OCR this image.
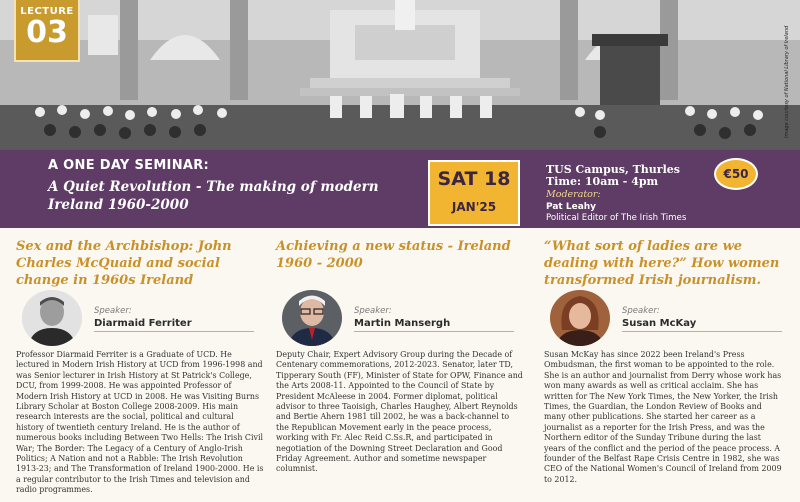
Image courtesy of National Library of Ireland
LECTURE
03
A ONE DAY SEMINAR:
A Quiet Revolution - The making of modern Ireland 1960-2000
SAT 18
JAN'25
TUS Campus, Thurles
Time: 10am - 4pm
Moderator:
Pat Leahy
Political Editor of The Irish Times
€50
Sex and the Archbishop: John Charles McQuaid and social change in 1960s Ireland
Speaker:
Diarmaid Ferriter
Professor Diarmaid Ferriter is a Graduate of UCD. He lectured in Modern Irish History at UCD from 1996-1998 and was Senior lecturer in Irish History at St Patrick's College, DCU, from 1999-2008. He was appointed Professor of Modern Irish History at UCD in 2008. He was Visiting Burns Library Scholar at Boston College 2008-2009. His main research interests are the social, political and cultural history of twentieth century Ireland. He is the author of numerous books including Between Two Hells: The Irish Civil War; The Border: The Legacy of a Century of Anglo-Irish Politics; A Nation and not a Rabble: The Irish Revolution 1913-23; and The Transformation of Ireland 1900-2000. He is a regular contributor to the Irish Times and television and radio programmes.
Achieving a new status - Ireland 1960 - 2000
Speaker:
Martin Mansergh
Deputy Chair, Expert Advisory Group during the Decade of Centenary commemorations, 2012-2023. Senator, later TD, Tipperary South (FF), Minister of State for OPW, Finance and the Arts 2008-11. Appointed to the Council of State by President McAleese in 2004. Former diplomat, political advisor to three Taoisigh, Charles Haughey, Albert Reynolds and Bertie Ahern 1981 till 2002, he was a back-channel to the Republican Movement early in the peace process, working with Fr. Alec Reid C.Ss.R, and participated in negotiation of the Downing Street Declaration and Good Friday Agreement. Author and sometime newspaper columnist.
“What sort of ladies are we dealing with here?” How women transformed Irish journalism.
Speaker:
Susan McKay
Susan McKay has since 2022 been Ireland's Press Ombudsman, the first woman to be appointed to the role. She is an author and journalist from Derry whose work has won many awards as well as critical acclaim. She has written for The New York Times, the New Yorker, the Irish Times, the Guardian, the London Review of Books and many other publications. She started her career as a journalist as a reporter for the Irish Press, and was the Northern editor of the Sunday Tribune during the last years of the conflict and the period of the peace process. A founder of the Belfast Rape Crisis Centre in 1982, she was CEO of the National Women's Council of Ireland from 2009 to 2012.
